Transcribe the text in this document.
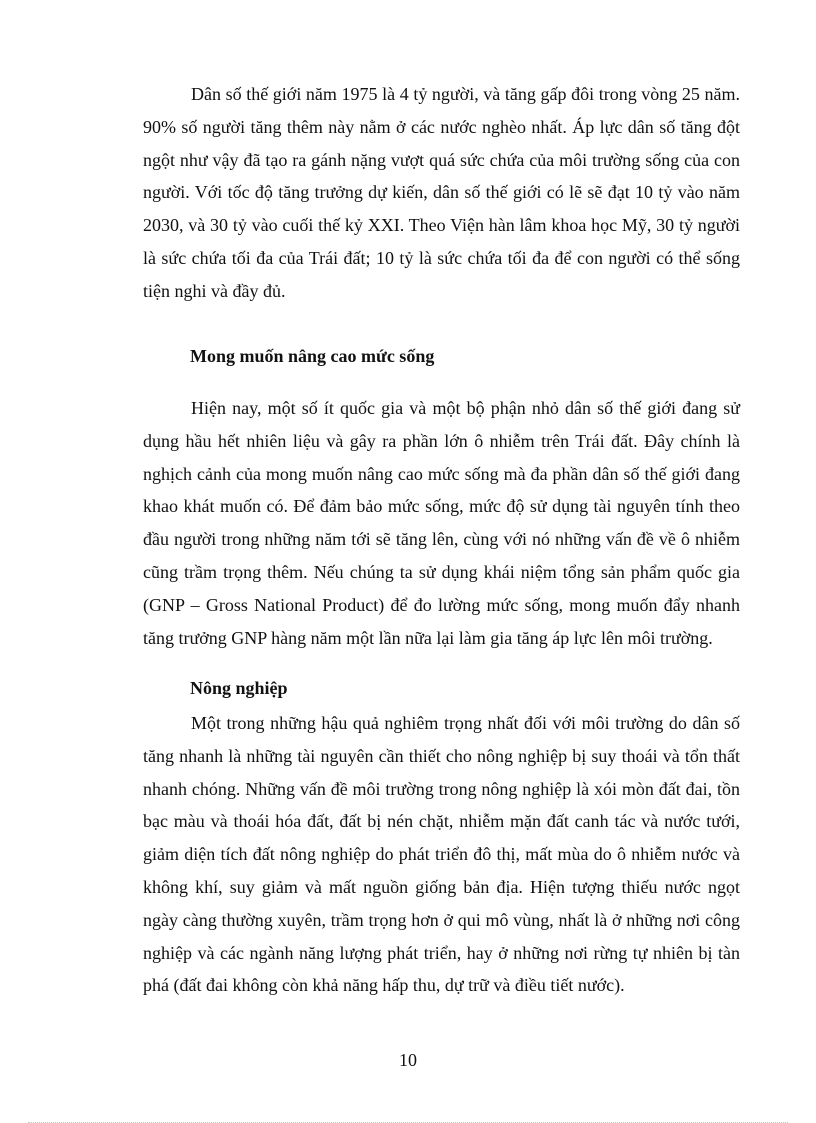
Dân số thế giới năm 1975 là 4 tỷ người, và tăng gấp đôi trong vòng 25 năm. 90% số người tăng thêm này nằm ở các nước nghèo nhất. Áp lực dân số tăng đột ngột như vậy đã tạo ra gánh nặng vượt quá sức chứa của môi trường sống của con người. Với tốc độ tăng trưởng dự kiến, dân số thế giới có lẽ sẽ đạt 10 tỷ vào năm 2030, và 30 tỷ vào cuối thế kỷ XXI. Theo Viện hàn lâm khoa học Mỹ, 30 tỷ người là sức chứa tối đa của Trái đất; 10 tỷ là sức chứa tối đa để con người có thể sống tiện nghi và đầy đủ.

Mong muốn nâng cao mức sống

Hiện nay, một số ít quốc gia và một bộ phận nhỏ dân số thế giới đang sử dụng hầu hết nhiên liệu và gây ra phần lớn ô nhiễm trên Trái đất. Đây chính là nghịch cảnh của mong muốn nâng cao mức sống mà đa phần dân số thế giới đang khao khát muốn có. Để đảm bảo mức sống, mức độ sử dụng tài nguyên tính theo đầu người trong những năm tới sẽ tăng lên, cùng với nó những vấn đề về ô nhiễm cũng trầm trọng thêm. Nếu chúng ta sử dụng khái niệm tổng sản phẩm quốc gia (GNP – Gross National Product) để đo lường mức sống, mong muốn đẩy nhanh tăng trưởng GNP hàng năm một lần nữa lại làm gia tăng áp lực lên môi trường.

Nông nghiệp

Một trong những hậu quả nghiêm trọng nhất đối với môi trường do dân số tăng nhanh là những tài nguyên cần thiết cho nông nghiệp bị suy thoái và tổn thất nhanh chóng. Những vấn đề môi trường trong nông nghiệp là xói mòn đất đai, tồn bạc màu và thoái hóa đất, đất bị nén chặt, nhiễm mặn đất canh tác và nước tưới, giảm diện tích đất nông nghiệp do phát triển đô thị, mất mùa do ô nhiễm nước và không khí, suy giảm và mất nguồn giống bản địa. Hiện tượng thiếu nước ngọt ngày càng thường xuyên, trầm trọng hơn ở qui mô vùng, nhất là ở những nơi công nghiệp và các ngành năng lượng phát triển, hay ở những nơi rừng tự nhiên bị tàn phá (đất đai không còn khả năng hấp thu, dự trữ và điều tiết nước).

10
